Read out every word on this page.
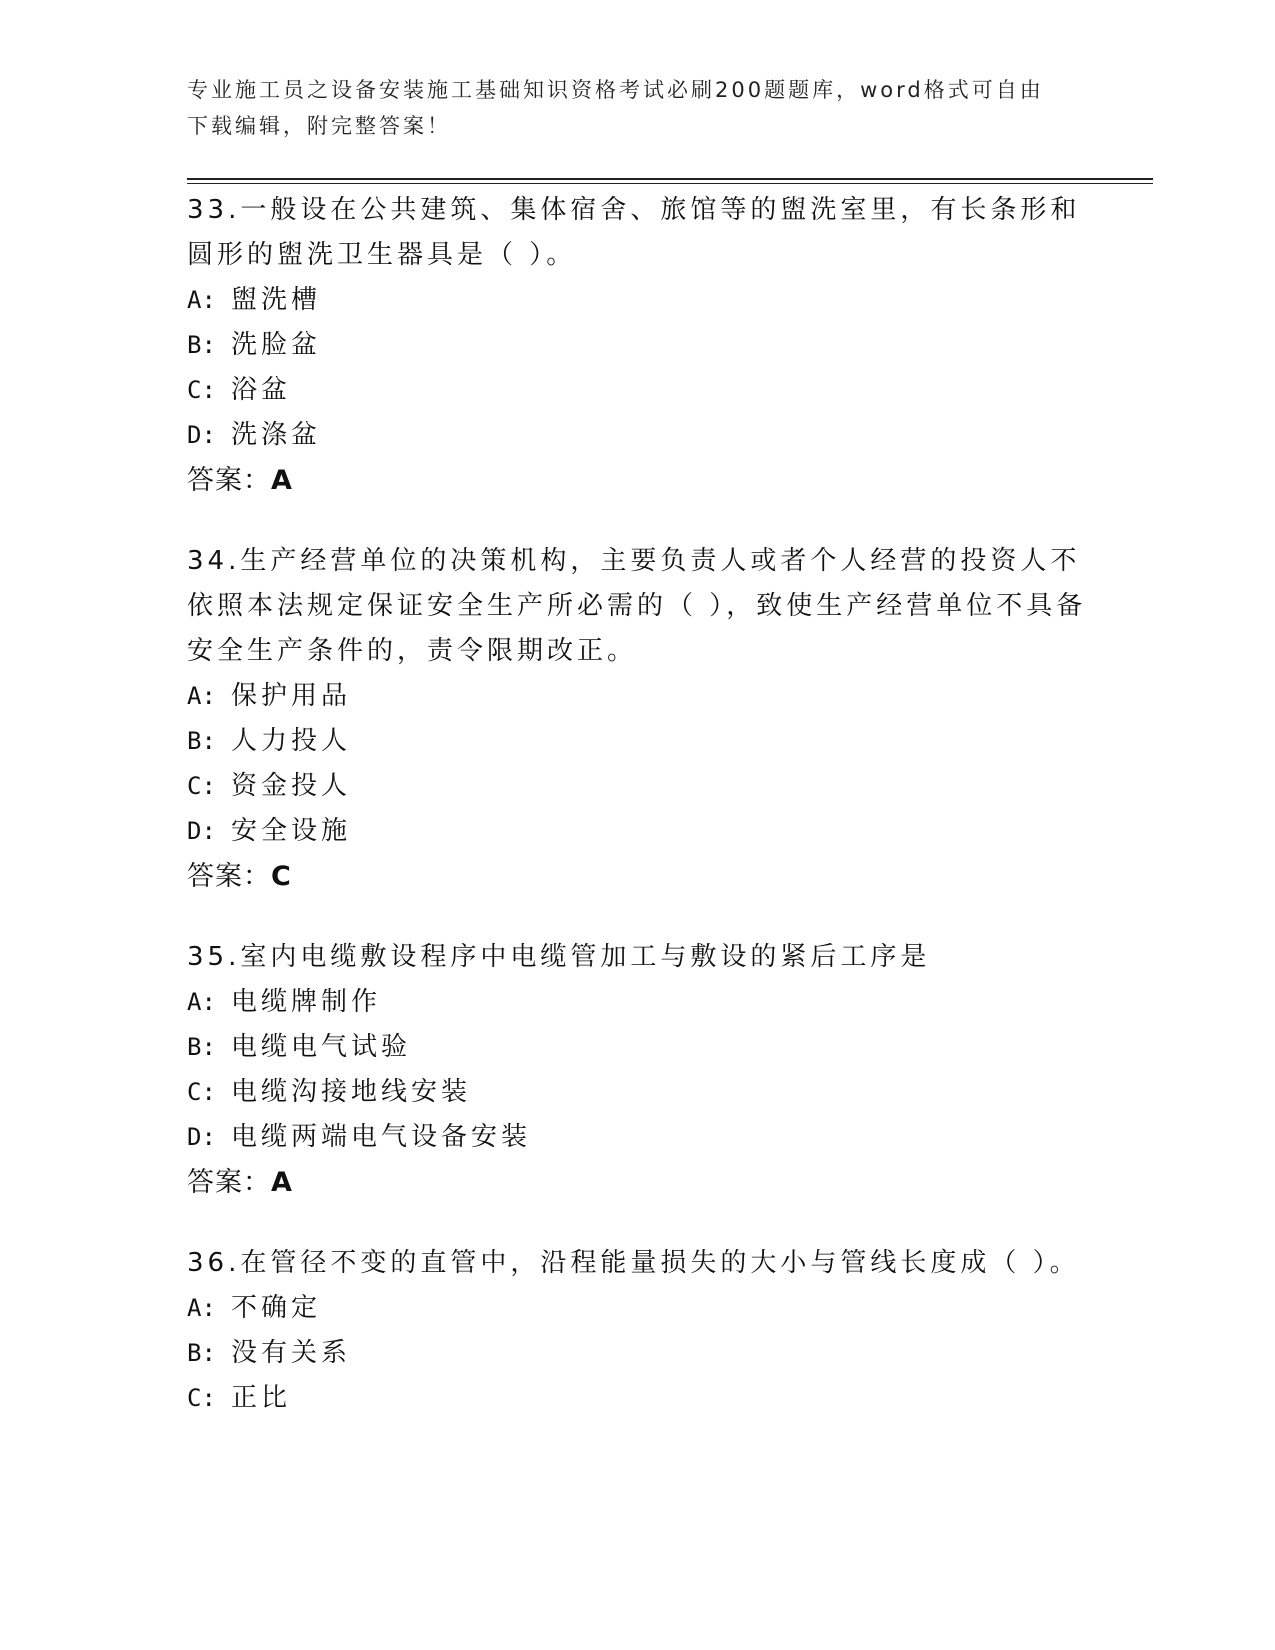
专业施工员之设备安装施工基础知识资格考试必刷200题题库，word格式可自由下载编辑，附完整答案！

33.一般设在公共建筑、集体宿舍、旅馆等的盥洗室里，有长条形和圆形的盥洗卫生器具是（ ）。

A: 盥洗槽

B: 洗脸盆

C: 浴盆

D: 洗涤盆

答案：A

34.生产经营单位的决策机构，主要负责人或者个人经营的投资人不依照本法规定保证安全生产所必需的（ ），致使生产经营单位不具备安全生产条件的，责令限期改正。

A: 保护用品

B: 人力投人

C: 资金投人

D: 安全设施

答案：C

35.室内电缆敷设程序中电缆管加工与敷设的紧后工序是

A: 电缆牌制作

B: 电缆电气试验

C: 电缆沟接地线安装

D: 电缆两端电气设备安装

答案：A

36.在管径不变的直管中，沿程能量损失的大小与管线长度成（ ）。

A: 不确定

B: 没有关系

C: 正比
